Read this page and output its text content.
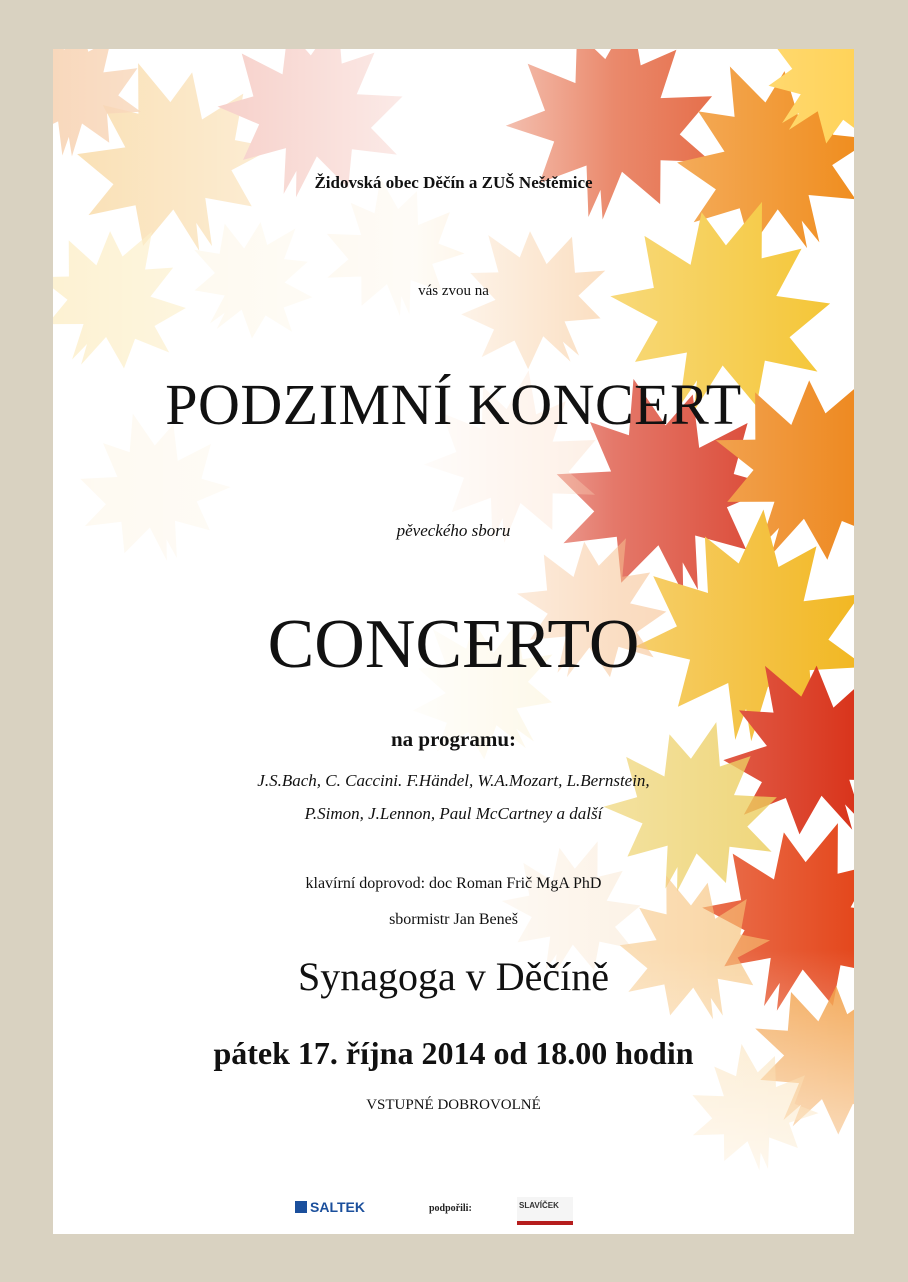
Židovská obec Děčín a ZUŠ Neštěmice
vás zvou na
PODZIMNÍ KONCERT
pěveckého sboru
CONCERTO
na programu:
J.S.Bach, C. Caccini. F.Händel, W.A.Mozart, L.Bernstein,
P.Simon, J.Lennon, Paul McCartney a další
klavírní doprovod: doc Roman Frič MgA PhD
sbormistr Jan Beneš
Synagoga v Děčíně
pátek 17. října 2014 od 18.00 hodin
VSTUPNÉ DOBROVOLNÉ
SALTEK	podpořili:	SLAVÍČEK
